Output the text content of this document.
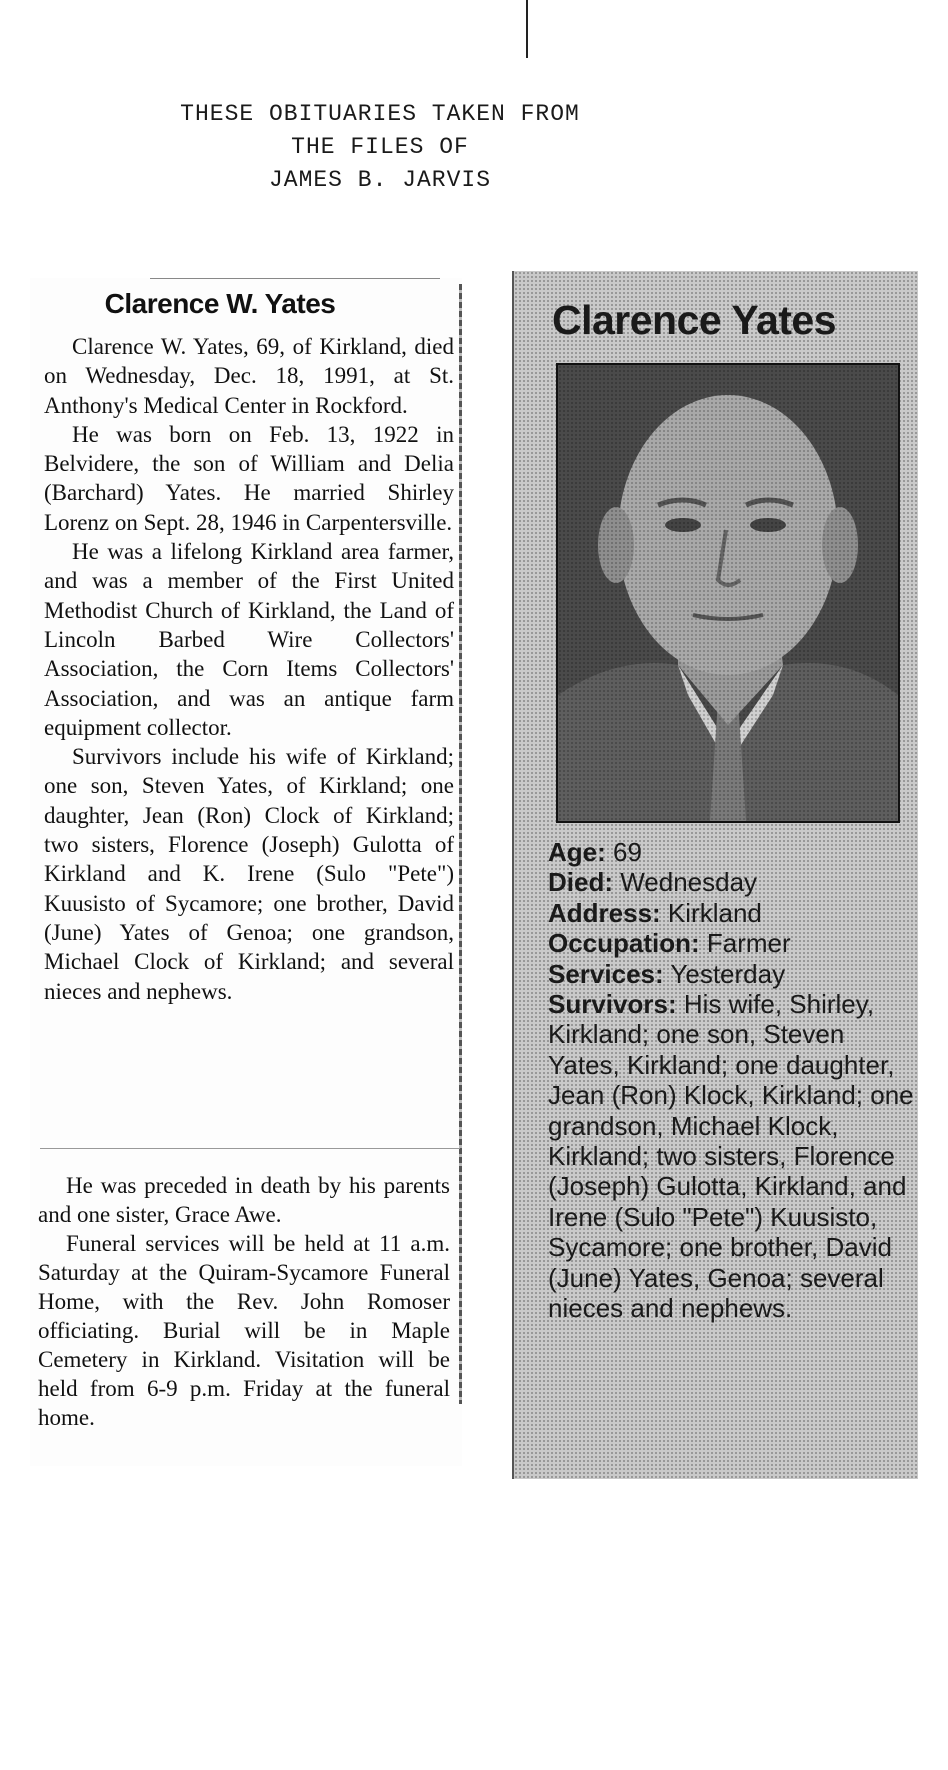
THESE OBITUARIES TAKEN FROM
THE FILES OF
JAMES B. JARVIS
Clarence W. Yates

Clarence W. Yates, 69, of Kirkland, died on Wednesday, Dec. 18, 1991, at St. Anthony's Medical Center in Rockford.

He was born on Feb. 13, 1922 in Belvidere, the son of William and Delia (Barchard) Yates. He married Shirley Lorenz on Sept. 28, 1946 in Carpentersville.

He was a lifelong Kirkland area farmer, and was a member of the First United Methodist Church of Kirkland, the Land of Lincoln Barbed Wire Collectors' Association, the Corn Items Collectors' Association, and was an antique farm equipment collector.

Survivors include his wife of Kirkland; one son, Steven Yates, of Kirkland; one daughter, Jean (Ron) Clock of Kirkland; two sisters, Florence (Joseph) Gulotta of Kirkland and K. Irene (Sulo "Pete") Kuusisto of Sycamore; one brother, David (June) Yates of Genoa; one grandson, Michael Clock of Kirkland; and several nieces and nephews.

He was preceded in death by his parents and one sister, Grace Awe.

Funeral services will be held at 11 a.m. Saturday at the Quiram-Sycamore Funeral Home, with the Rev. John Romoser officiating. Burial will be in Maple Cemetery in Kirkland. Visitation will be held from 6-9 p.m. Friday at the funeral home.

Clarence Yates
Age: 69
Died: Wednesday
Address: Kirkland
Occupation: Farmer
Services: Yesterday
Survivors: His wife, Shirley, Kirkland; one son, Steven Yates, Kirkland; one daughter, Jean (Ron) Klock, Kirkland; one grandson, Michael Klock, Kirkland; two sisters, Florence (Joseph) Gulotta, Kirkland, and Irene (Sulo "Pete") Kuusisto, Sycamore; one brother, David (June) Yates, Genoa; several nieces and nephews.
